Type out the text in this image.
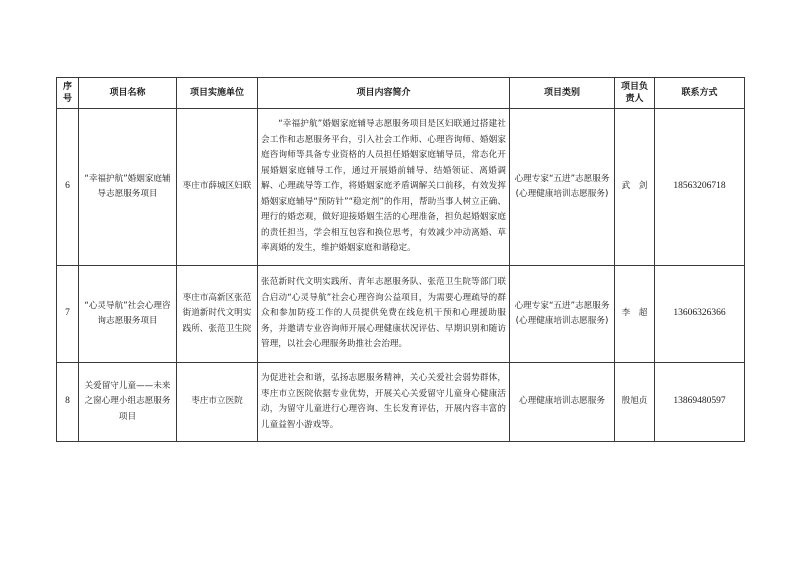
序号	项目名称	项目实施单位	项目内容简介	项目类别	项目负责人	联系方式
6	“幸福护航”婚姻家庭辅导志愿服务项目	枣庄市薛城区妇联	“幸福护航”婚姻家庭辅导志愿服务项目是区妇联通过搭建社会工作和志愿服务平台，引入社会工作师、心理咨询师、婚姻家庭咨询师等具备专业资格的人员担任婚姻家庭辅导员，常态化开展婚姻家庭辅导工作，通过开展婚前辅导、结婚领证、离婚调解、心理疏导等工作，将婚姻家庭矛盾调解关口前移，有效发挥婚姻家庭辅导“预防针”“稳定剂”的作用，帮助当事人树立正确、理行的婚恋观，做好迎接婚姻生活的心理准备，担负起婚姻家庭的责任担当，学会相互包容和换位思考，有效减少冲动离婚、草率离婚的发生，维护婚姻家庭和谐稳定。	心理专家“五进”志愿服务(心理健康培训志愿服务)	武　剑	18563206718
7	“心灵导航”社会心理咨询志愿服务项目	枣庄市高新区张范街道新时代文明实践所、张范卫生院	张范新时代文明实践所、青年志愿服务队、张范卫生院等部门联合启动“心灵导航”社会心理咨询公益项目，为需要心理疏导的群众和参加防疫工作的人员提供免费在线危机干预和心理援助服务，并邀请专业咨询师开展心理健康状况评估、早期识别和随访管理，以社会心理服务助推社会治理。	心理专家“五进”志愿服务(心理健康培训志愿服务)	李　超	13606326366
8	关爱留守儿童——未来之窗心理小组志愿服务项目	枣庄市立医院	为促进社会和谐，弘扬志愿服务精神，关心关爱社会弱势群体，枣庄市立医院依据专业优势，开展关心关爱留守儿童身心健康活动，为留守儿童进行心理咨询、生长发育评估，开展内容丰富的儿童益智小游戏等。	心理健康培训志愿服务	殷旭贞	13869480597
